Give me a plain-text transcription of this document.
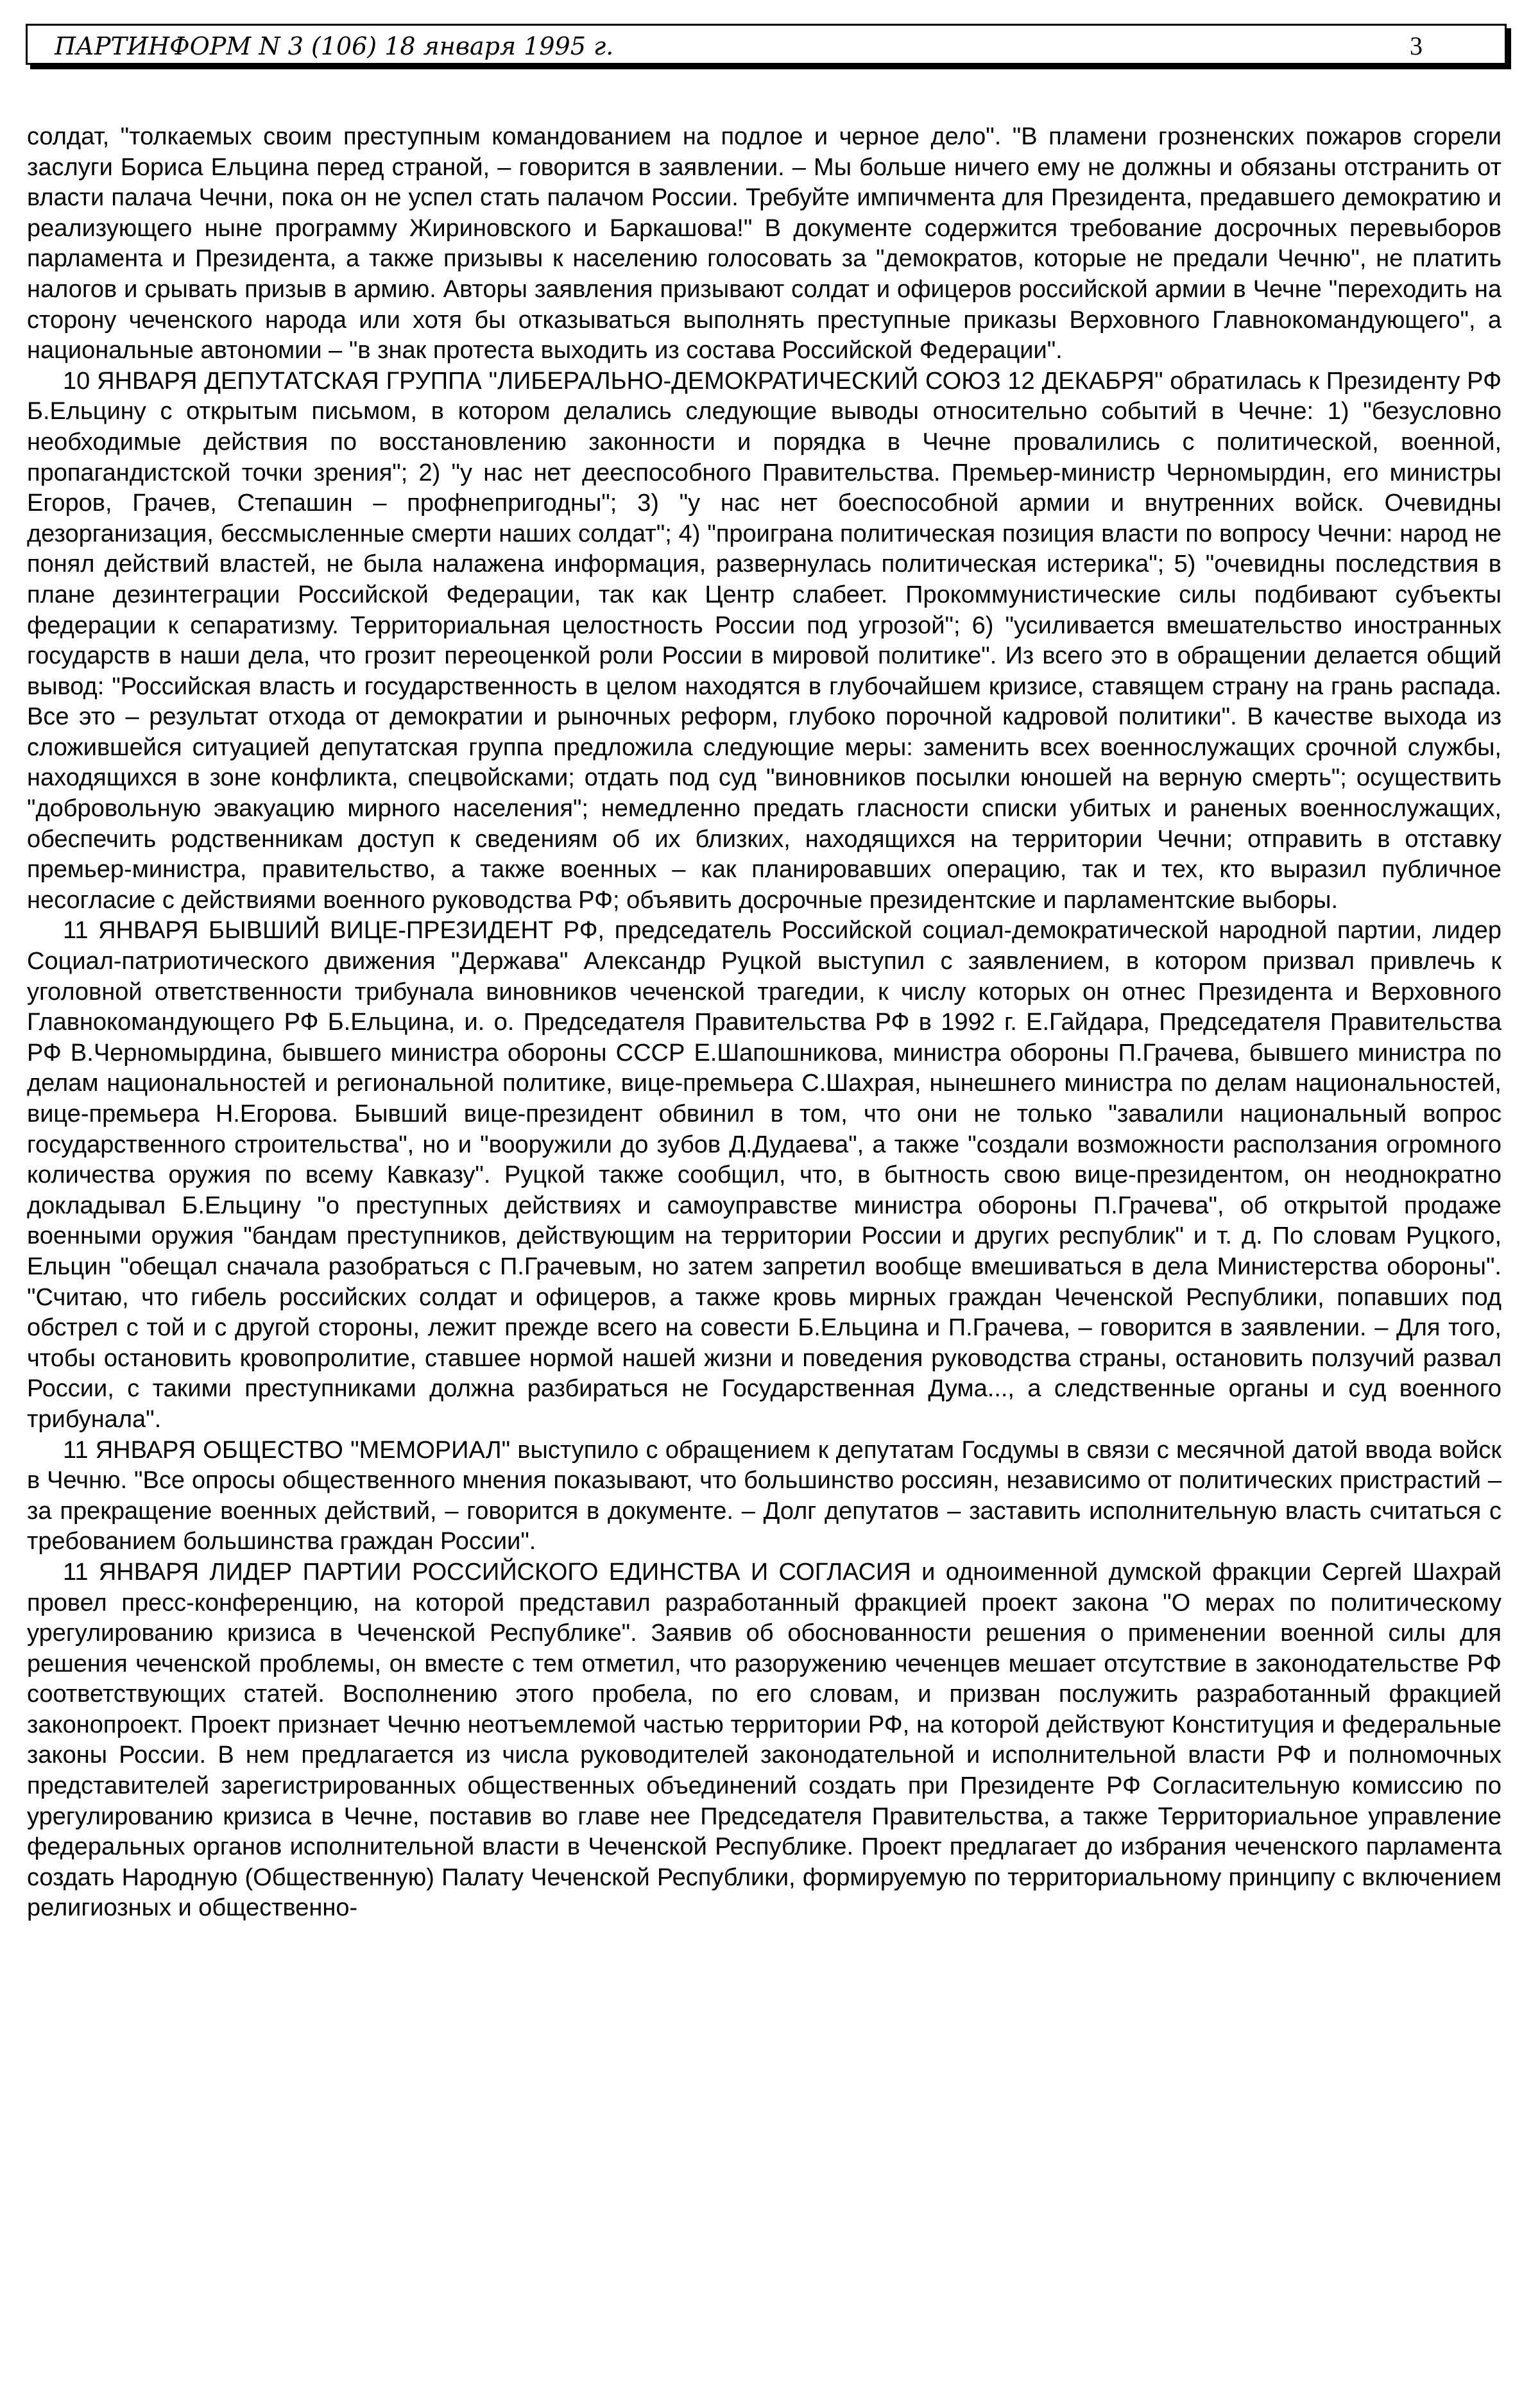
ПАРТИНФОРМ N 3 (106) 18 января 1995 г.	3

солдат, "толкаемых своим преступным командованием на подлое и черное дело". "В пламени грозненских пожаров сгорели заслуги Бориса Ельцина перед страной, – говорится в заявлении. – Мы больше ничего ему не должны и обязаны отстранить от власти палача Чечни, пока он не успел стать палачом России. Требуйте импичмента для Президента, предавшего демократию и реализующего ныне программу Жириновского и Баркашова!" В документе содержится требование досрочных перевыборов парламента и Президента, а также призывы к населению голосовать за "демократов, которые не предали Чечню", не платить налогов и срывать призыв в армию. Авторы заявления призывают солдат и офицеров российской армии в Чечне "переходить на сторону чеченского народа или хотя бы отказываться выполнять преступные приказы Верховного Главнокомандующего", а национальные автономии – "в знак протеста выходить из состава Российской Федерации".

10 ЯНВАРЯ ДЕПУТАТСКАЯ ГРУППА "ЛИБЕРАЛЬНО-ДЕМОКРАТИЧЕСКИЙ СОЮЗ 12 ДЕКАБРЯ" обратилась к Президенту РФ Б.Ельцину с открытым письмом, в котором делались следующие выводы относительно событий в Чечне: 1) "безусловно необходимые действия по восстановлению законности и порядка в Чечне провалились с политической, военной, пропагандистской точки зрения"; 2) "у нас нет дееспособного Правительства. Премьер-министр Черномырдин, его министры Егоров, Грачев, Степашин – профнепригодны"; 3) "у нас нет боеспособной армии и внутренних войск. Очевидны дезорганизация, бессмысленные смерти наших солдат"; 4) "проиграна политическая позиция власти по вопросу Чечни: народ не понял действий властей, не была налажена информация, развернулась политическая истерика"; 5) "очевидны последствия в плане дезинтеграции Российской Федерации, так как Центр слабеет. Прокоммунистические силы подбивают субъекты федерации к сепаратизму. Территориальная целостность России под угрозой"; 6) "усиливается вмешательство иностранных государств в наши дела, что грозит переоценкой роли России в мировой политике". Из всего это в обращении делается общий вывод: "Российская власть и государственность в целом находятся в глубочайшем кризисе, ставящем страну на грань распада. Все это – результат отхода от демократии и рыночных реформ, глубоко порочной кадровой политики". В качестве выхода из сложившейся ситуацией депутатская группа предложила следующие меры: заменить всех военнослужащих срочной службы, находящихся в зоне конфликта, спецвойсками; отдать под суд "виновников посылки юношей на верную смерть"; осуществить "добровольную эвакуацию мирного населения"; немедленно предать гласности списки убитых и раненых военнослужащих, обеспечить родственникам доступ к сведениям об их близких, находящихся на территории Чечни; отправить в отставку премьер-министра, правительство, а также военных – как планировавших операцию, так и тех, кто выразил публичное несогласие с действиями военного руководства РФ; объявить досрочные президентские и парламентские выборы.

11 ЯНВАРЯ БЫВШИЙ ВИЦЕ-ПРЕЗИДЕНТ РФ, председатель Российской социал-демократической народной партии, лидер Социал-патриотического движения "Держава" Александр Руцкой выступил с заявлением, в котором призвал привлечь к уголовной ответственности трибунала виновников чеченской трагедии, к числу которых он отнес Президента и Верховного Главнокомандующего РФ Б.Ельцина, и. о. Председателя Правительства РФ в 1992 г. Е.Гайдара, Председателя Правительства РФ В.Черномырдина, бывшего министра обороны СССР Е.Шапошникова, министра обороны П.Грачева, бывшего министра по делам национальностей и региональной политике, вице-премьера С.Шахрая, нынешнего министра по делам национальностей, вице-премьера Н.Егорова. Бывший вице-президент обвинил в том, что они не только "завалили национальный вопрос государственного строительства", но и "вооружили до зубов Д.Дудаева", а также "создали возможности расползания огромного количества оружия по всему Кавказу". Руцкой также сообщил, что, в бытность свою вице-президентом, он неоднократно докладывал Б.Ельцину "о преступных действиях и самоуправстве министра обороны П.Грачева", об открытой продаже военными оружия "бандам преступников, действующим на территории России и других республик" и т. д. По словам Руцкого, Ельцин "обещал сначала разобраться с П.Грачевым, но затем запретил вообще вмешиваться в дела Министерства обороны". "Считаю, что гибель российских солдат и офицеров, а также кровь мирных граждан Чеченской Республики, попавших под обстрел с той и с другой стороны, лежит прежде всего на совести Б.Ельцина и П.Грачева, – говорится в заявлении. – Для того, чтобы остановить кровопролитие, ставшее нормой нашей жизни и поведения руководства страны, остановить ползучий развал России, с такими преступниками должна разбираться не Государственная Дума..., а следственные органы и суд военного трибунала".

11 ЯНВАРЯ ОБЩЕСТВО "МЕМОРИАЛ" выступило с обращением к депутатам Госдумы в связи с месячной датой ввода войск в Чечню. "Все опросы общественного мнения показывают, что большинство россиян, независимо от политических пристрастий – за прекращение военных действий, – говорится в документе. – Долг депутатов – заставить исполнительную власть считаться с требованием большинства граждан России".

11 ЯНВАРЯ ЛИДЕР ПАРТИИ РОССИЙСКОГО ЕДИНСТВА И СОГЛАСИЯ и одноименной думской фракции Сергей Шахрай провел пресс-конференцию, на которой представил разработанный фракцией проект закона "О мерах по политическому урегулированию кризиса в Чеченской Республике". Заявив об обоснованности решения о применении военной силы для решения чеченской проблемы, он вместе с тем отметил, что разоружению чеченцев мешает отсутствие в законодательстве РФ соответствующих статей. Восполнению этого пробела, по его словам, и призван послужить разработанный фракцией законопроект. Проект признает Чечню неотъемлемой частью территории РФ, на которой действуют Конституция и федеральные законы России. В нем предлагается из числа руководителей законодательной и исполнительной власти РФ и полномочных представителей зарегистрированных общественных объединений создать при Президенте РФ Согласительную комиссию по урегулированию кризиса в Чечне, поставив во главе нее Председателя Правительства, а также Территориальное управление федеральных органов исполнительной власти в Чеченской Республике. Проект предлагает до избрания чеченского парламента создать Народную (Общественную) Палату Чеченской Республики, формируемую по территориальному принципу с включением религиозных и общественно-
